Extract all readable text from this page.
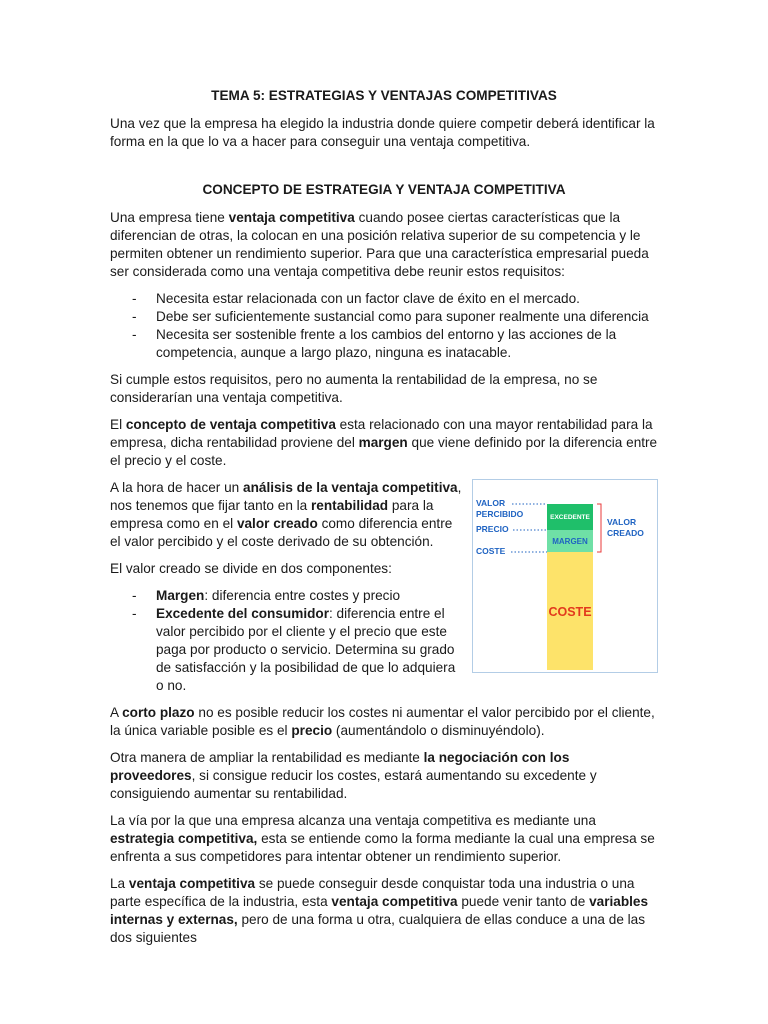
TEMA 5: ESTRATEGIAS Y VENTAJAS COMPETITIVAS

Una vez que la empresa ha elegido la industria donde quiere competir deberá identificar la forma en la que lo va a hacer para conseguir una ventaja competitiva.

CONCEPTO DE ESTRATEGIA Y VENTAJA COMPETITIVA

Una empresa tiene ventaja competitiva cuando posee ciertas características que la diferencian de otras, la colocan en una posición relativa superior de su competencia y le permiten obtener un rendimiento superior. Para que una característica empresarial pueda ser considerada como una ventaja competitiva debe reunir estos requisitos:

- Necesita estar relacionada con un factor clave de éxito en el mercado.
- Debe ser suficientemente sustancial como para suponer realmente una diferencia
- Necesita ser sostenible frente a los cambios del entorno y las acciones de la competencia, aunque a largo plazo, ninguna es inatacable.

Si cumple estos requisitos, pero no aumenta la rentabilidad de la empresa, no se considerarían una ventaja competitiva.

El concepto de ventaja competitiva esta relacionado con una mayor rentabilidad para la empresa, dicha rentabilidad proviene del margen que viene definido por la diferencia entre el precio y el coste.

A la hora de hacer un análisis de la ventaja competitiva, nos tenemos que fijar tanto en la rentabilidad para la empresa como en el valor creado como diferencia entre el valor percibido y el coste derivado de su obtención.

El valor creado se divide en dos componentes:

- Margen: diferencia entre costes y precio
- Excedente del consumidor: diferencia entre el valor percibido por el cliente y el precio que este paga por producto o servicio. Determina su grado de satisfacción y la posibilidad de que lo adquiera o no.
VALOR
PERCIBIDO
PRECIO
COSTE
EXCEDENTE
MARGEN
COSTE
VALOR
CREADO

A corto plazo no es posible reducir los costes ni aumentar el valor percibido por el cliente, la única variable posible es el precio (aumentándolo o disminuyéndolo).

Otra manera de ampliar la rentabilidad es mediante la negociación con los proveedores, si consigue reducir los costes, estará aumentando su excedente y consiguiendo aumentar su rentabilidad.

La vía por la que una empresa alcanza una ventaja competitiva es mediante una estrategia competitiva, esta se entiende como la forma mediante la cual una empresa se enfrenta a sus competidores para intentar obtener un rendimiento superior.

La ventaja competitiva se puede conseguir desde conquistar toda una industria o una parte específica de la industria, esta ventaja competitiva puede venir tanto de variables internas y externas, pero de una forma u otra, cualquiera de ellas conduce a una de las dos siguientes
